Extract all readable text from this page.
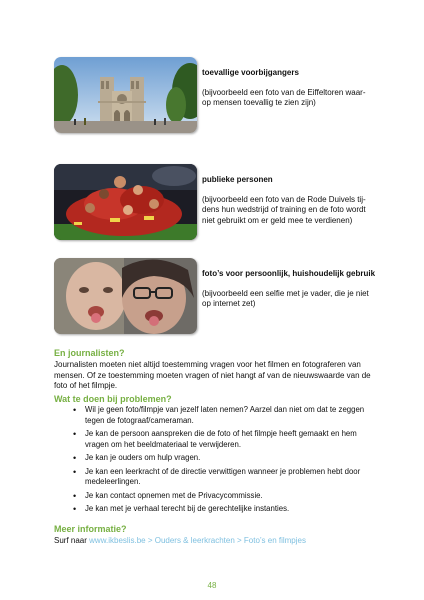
toevallige voorbijgangers
(bijvoorbeeld een foto van de Eiffeltoren waar-
op mensen toevallig te zien zijn)
publieke personen
(bijvoorbeeld een foto van de Rode Duivels tij-
dens hun wedstrijd of training en de foto wordt
niet gebruikt om er geld mee te verdienen)
foto’s voor persoonlijk, huishoudelijk gebruik
(bijvoorbeeld een selfie met je vader, die je niet
op internet zet)
En journalisten?
Journalisten moeten niet altijd toestemming vragen voor het filmen en fotograferen van
mensen. Of ze toestemming moeten vragen of niet hangt af van de nieuwswaarde van de
foto of het filmpje.
Wat te doen bij problemen?
• Wil je geen foto/filmpje van jezelf laten nemen? Aarzel dan niet om dat te zeggen
tegen de fotograaf/cameraman.
• Je kan de persoon aanspreken die de foto of het filmpje heeft gemaakt en hem
vragen om het beeldmateriaal te verwijderen.
• Je kan je ouders om hulp vragen.
• Je kan een leerkracht of de directie verwittigen wanneer je problemen hebt door
medeleerlingen.
• Je kan contact opnemen met de Privacycommissie.
• Je kan met je verhaal terecht bij de gerechtelijke instanties.
Meer informatie?
Surf naar www.ikbeslis.be > Ouders & leerkrachten > Foto’s en filmpjes
48
